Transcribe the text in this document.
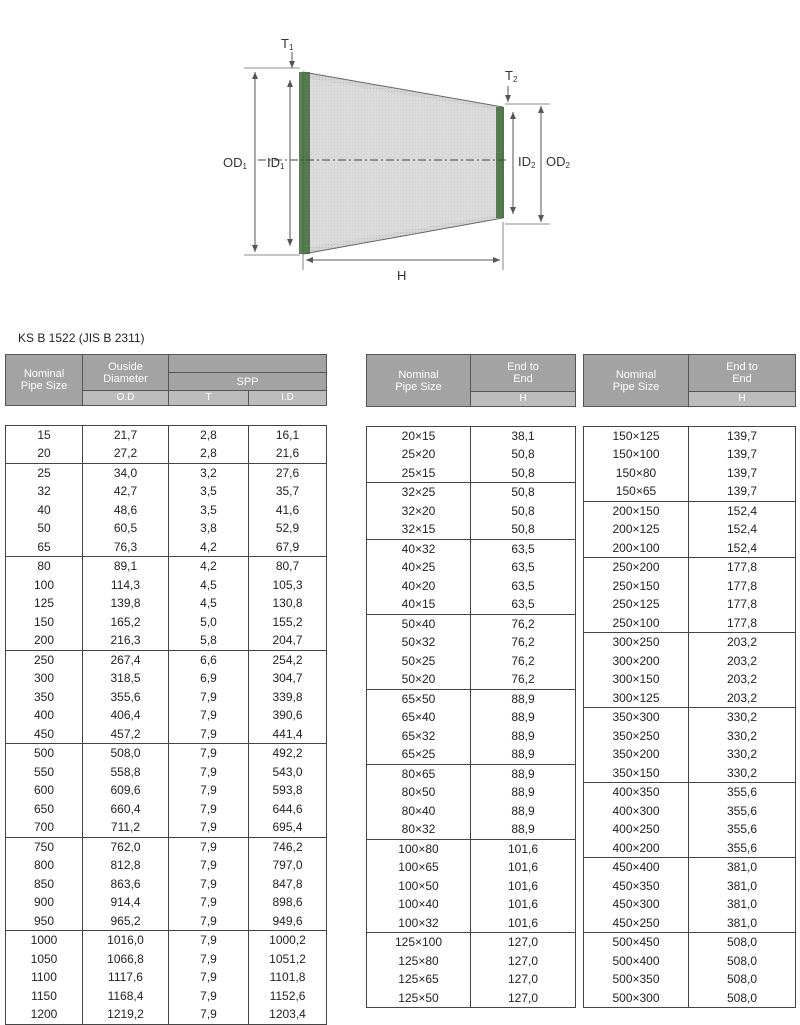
T1
T2
OD1 ID1	ID2 OD2
H
KS B 1522 (JIS B 2311)
Nominal Pipe Size	Ouside Diameter		
		SPP	
	O.D	T	I.D

15	21,7	2,8	16,1
20	27,2	2,8	21,6
25	34,0	3,2	27,6
32	42,7	3,5	35,7
40	48,6	3,5	41,6
50	60,5	3,8	52,9
65	76,3	4,2	67,9
80	89,1	4,2	80,7
100	114,3	4,5	105,3
125	139,8	4,5	130,8
150	165,2	5,0	155,2
200	216,3	5,8	204,7
250	267,4	6,6	254,2
300	318,5	6,9	304,7
350	355,6	7,9	339,8
400	406,4	7,9	390,6
450	457,2	7,9	441,4
500	508,0	7,9	492,2
550	558,8	7,9	543,0
600	609,6	7,9	593,8
650	660,4	7,9	644,6
700	711,2	7,9	695,4
750	762,0	7,9	746,2
800	812,8	7,9	797,0
850	863,6	7,9	847,8
900	914,4	7,9	898,6
950	965,2	7,9	949,6
1000	1016,0	7,9	1000,2
1050	1066,8	7,9	1051,2
1100	1117,6	7,9	1101,8
1150	1168,4	7,9	1152,6
1200	1219,2	7,9	1203,4
Nominal Pipe Size	End to End
	H

20×15	38,1
25×20	50,8
25×15	50,8
32×25	50,8
32×20	50,8
32×15	50,8
40×32	63,5
40×25	63,5
40×20	63,5
40×15	63,5
50×40	76,2
50×32	76,2
50×25	76,2
50×20	76,2
65×50	88,9
65×40	88,9
65×32	88,9
65×25	88,9
80×65	88,9
80×50	88,9
80×40	88,9
80×32	88,9
100×80	101,6
100×65	101,6
100×50	101,6
100×40	101,6
100×32	101,6
125×100	127,0
125×80	127,0
125×65	127,0
125×50	127,0
Nominal Pipe Size	End to End
	H

150×125	139,7
150×100	139,7
150×80	139,7
150×65	139,7
200×150	152,4
200×125	152,4
200×100	152,4
250×200	177,8
250×150	177,8
250×125	177,8
250×100	177,8
300×250	203,2
300×200	203,2
300×150	203,2
300×125	203,2
350×300	330,2
350×250	330,2
350×200	330,2
350×150	330,2
400×350	355,6
400×300	355,6
400×250	355,6
400×200	355,6
450×400	381,0
450×350	381,0
450×300	381,0
450×250	381,0
500×450	508,0
500×400	508,0
500×350	508,0
500×300	508,0
